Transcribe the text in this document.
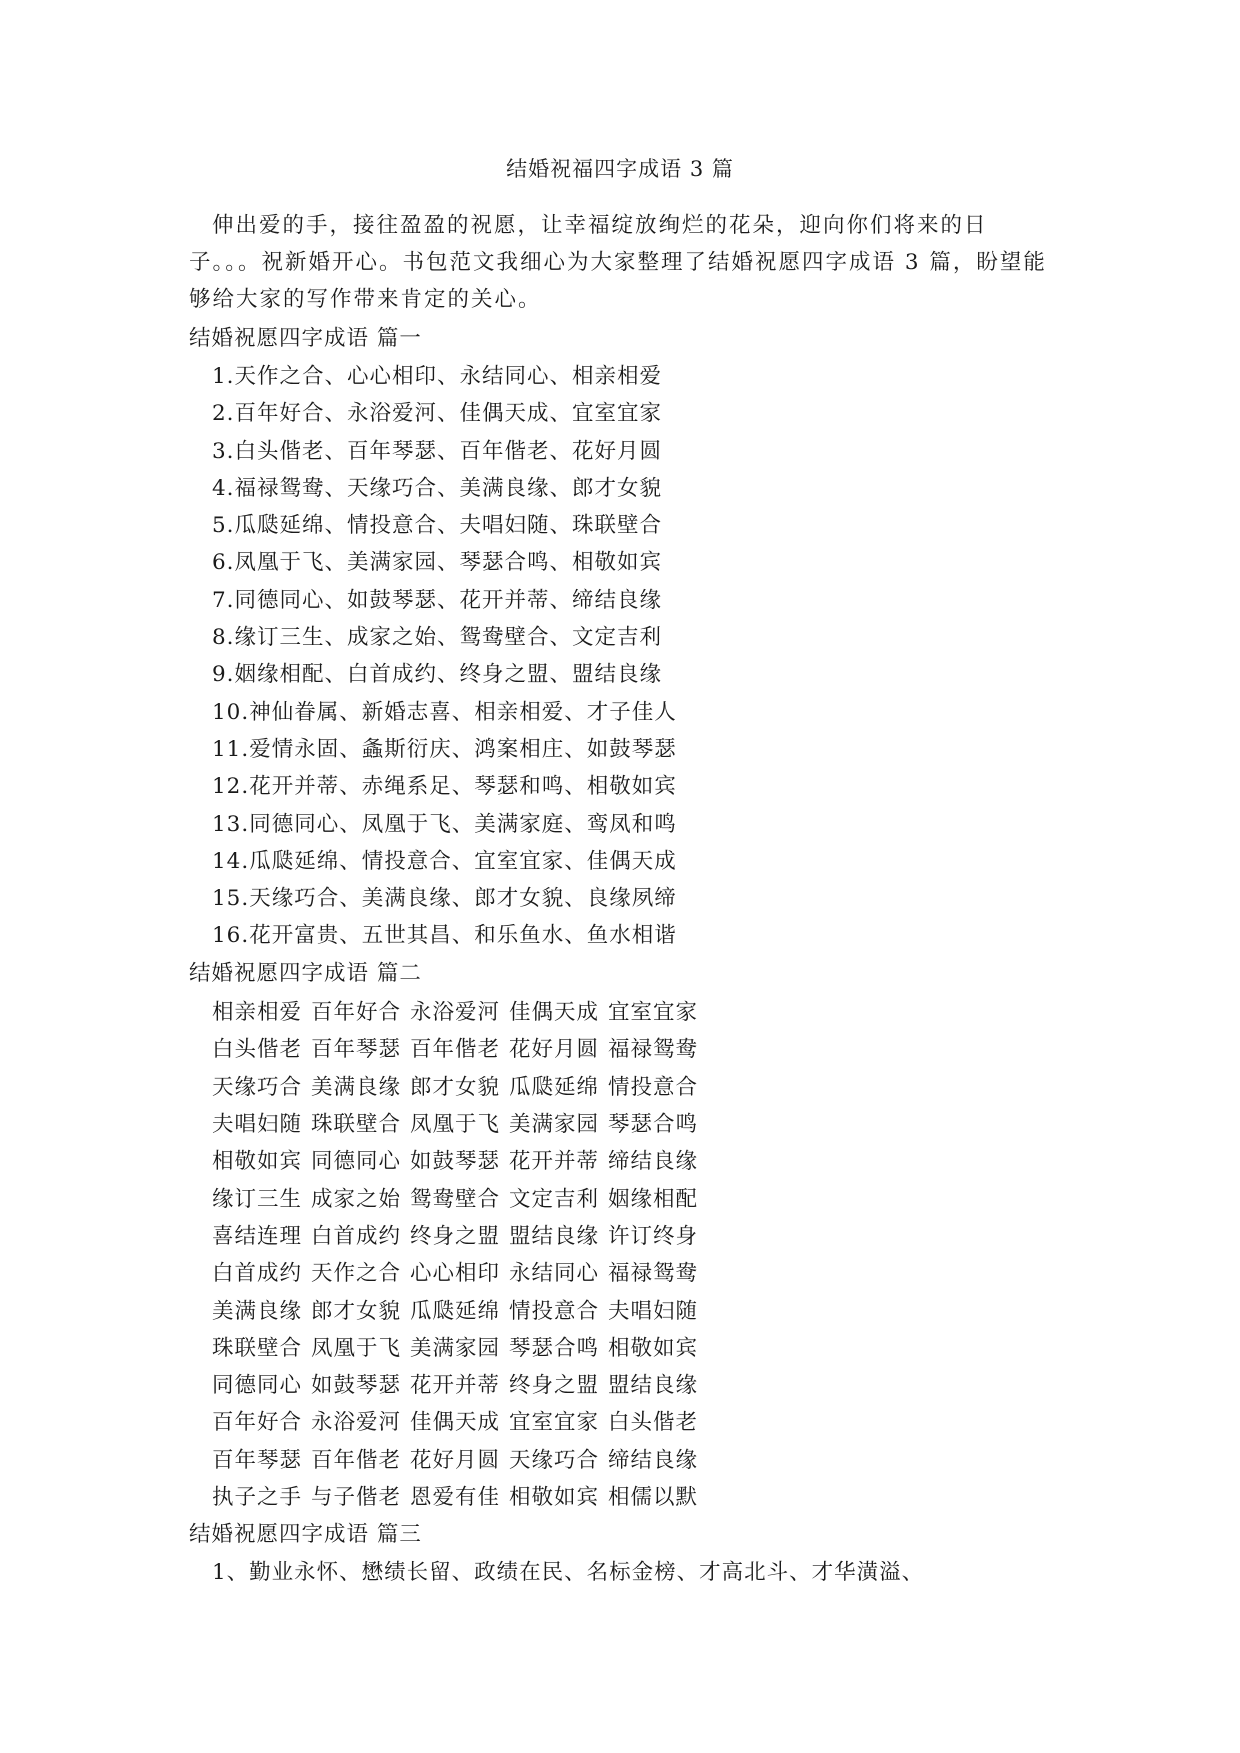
结婚祝福四字成语 3 篇

伸出爱的手，接往盈盈的祝愿，让幸福绽放绚烂的花朵，迎向你们将来的日子。。。祝新婚开心。书包范文我细心为大家整理了结婚祝愿四字成语 3 篇，盼望能够给大家的写作带来肯定的关心。

结婚祝愿四字成语 篇一
1.天作之合、心心相印、永结同心、相亲相爱
2.百年好合、永浴爱河、佳偶天成、宜室宜家
3.白头偕老、百年琴瑟、百年偕老、花好月圆
4.福禄鸳鸯、天缘巧合、美满良缘、郎才女貌
5.瓜瓞延绵、情投意合、夫唱妇随、珠联壁合
6.凤凰于飞、美满家园、琴瑟合鸣、相敬如宾
7.同德同心、如鼓琴瑟、花开并蒂、缔结良缘
8.缘订三生、成家之始、鸳鸯壁合、文定吉利
9.姻缘相配、白首成约、终身之盟、盟结良缘
10.神仙眷属、新婚志喜、相亲相爱、才子佳人
11.爱情永固、螽斯衍庆、鸿案相庄、如鼓琴瑟
12.花开并蒂、赤绳系足、琴瑟和鸣、相敬如宾
13.同德同心、凤凰于飞、美满家庭、鸾凤和鸣
14.瓜瓞延绵、情投意合、宜室宜家、佳偶天成
15.天缘巧合、美满良缘、郎才女貌、良缘夙缔
16.花开富贵、五世其昌、和乐鱼水、鱼水相谐
结婚祝愿四字成语 篇二
相亲相爱 百年好合 永浴爱河 佳偶天成 宜室宜家
白头偕老 百年琴瑟 百年偕老 花好月圆 福禄鸳鸯
天缘巧合 美满良缘 郎才女貌 瓜瓞延绵 情投意合
夫唱妇随 珠联壁合 凤凰于飞 美满家园 琴瑟合鸣
相敬如宾 同德同心 如鼓琴瑟 花开并蒂 缔结良缘
缘订三生 成家之始 鸳鸯壁合 文定吉利 姻缘相配
喜结连理 白首成约 终身之盟 盟结良缘 许订终身
白首成约 天作之合 心心相印 永结同心 福禄鸳鸯
美满良缘 郎才女貌 瓜瓞延绵 情投意合 夫唱妇随
珠联壁合 凤凰于飞 美满家园 琴瑟合鸣 相敬如宾
同德同心 如鼓琴瑟 花开并蒂 终身之盟 盟结良缘
百年好合 永浴爱河 佳偶天成 宜室宜家 白头偕老
百年琴瑟 百年偕老 花好月圆 天缘巧合 缔结良缘
执子之手 与子偕老 恩爱有佳 相敬如宾 相儒以默
结婚祝愿四字成语 篇三
1、勤业永怀、懋绩长留、政绩在民、名标金榜、才高北斗、才华潢溢、
